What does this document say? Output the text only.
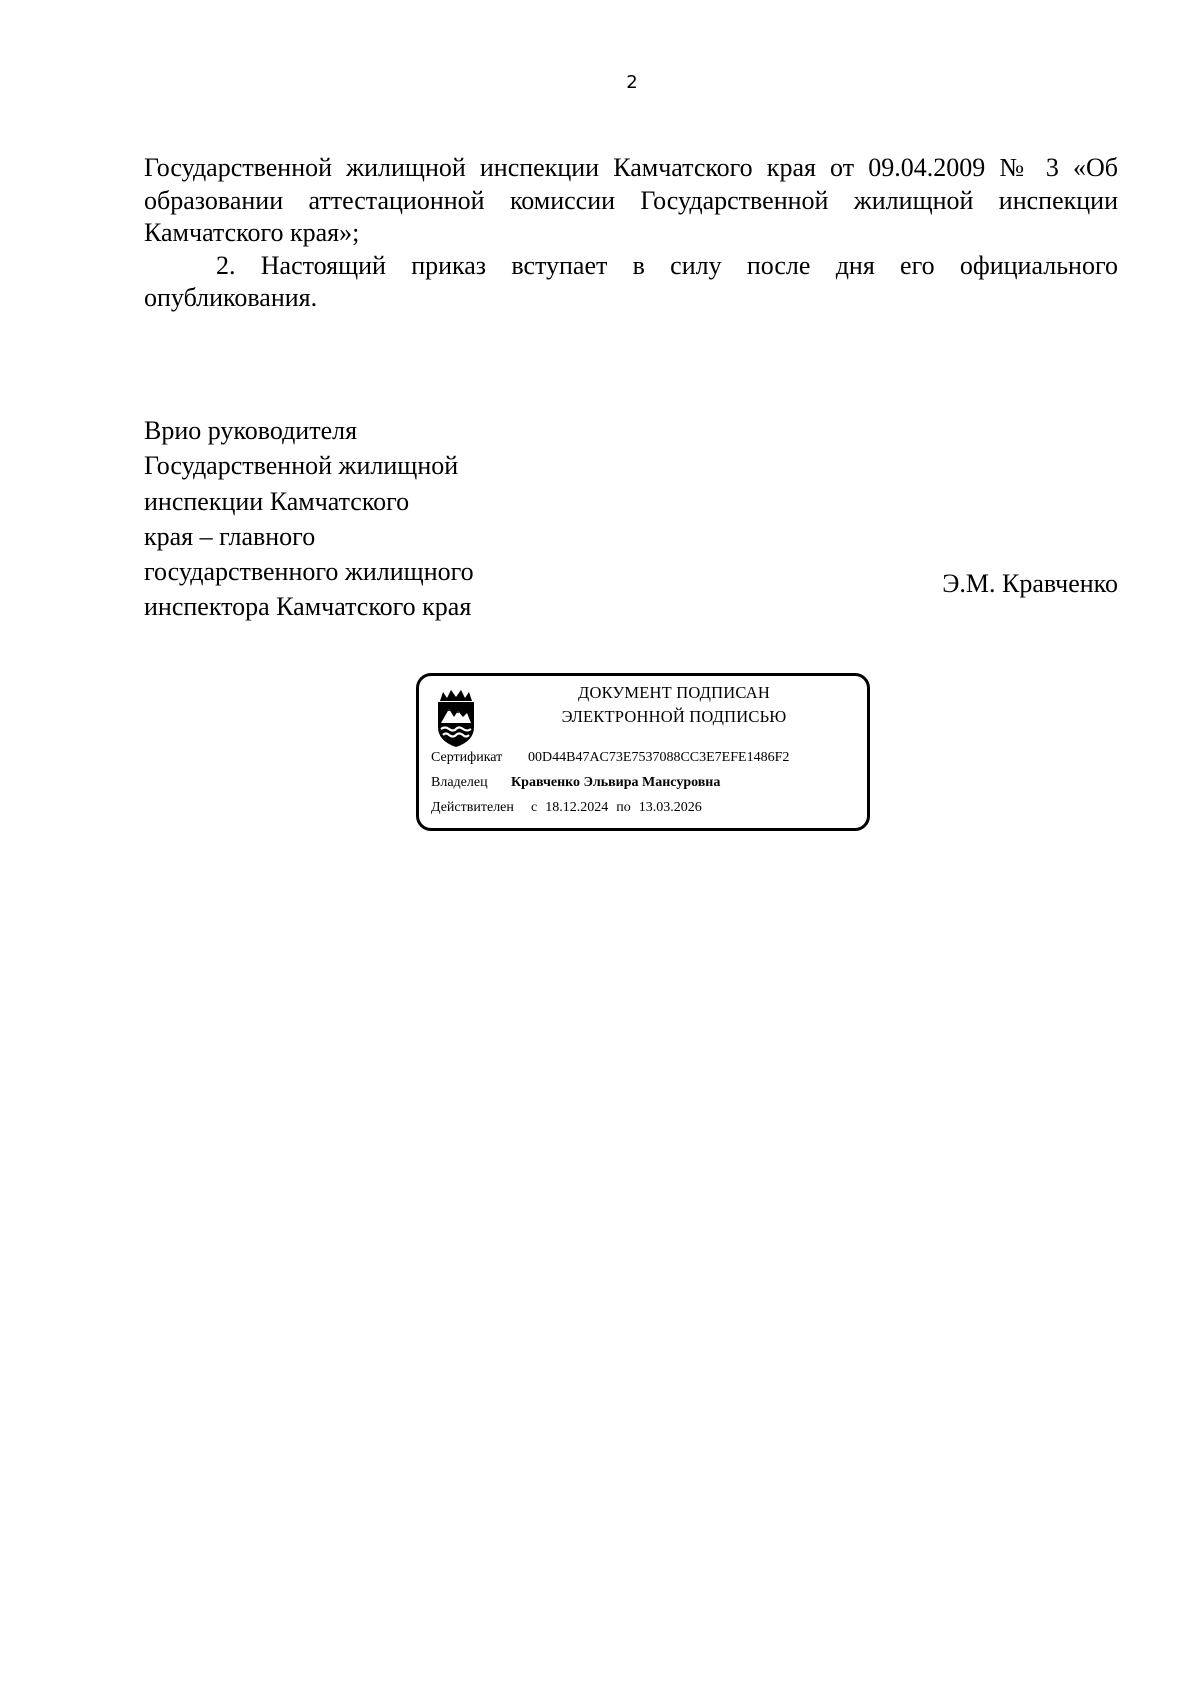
2

Государственной жилищной инспекции Камчатского края от 09.04.2009 № 3 «Об

образовании аттестационной комиссии Государственной жилищной инспекции

Камчатского края»;

2. Настоящий приказ вступает в силу после дня его официального опубликования.

Врио руководителя
Государственной жилищной
инспекции Камчатского
края – главного
государственного жилищного
инспектора Камчатского края
Э.М. Кравченко
ДОКУМЕНТ ПОДПИСАН
ЭЛЕКТРОННОЙ ПОДПИСЬЮ
Сертификат 00D44B47AC73E7537088CC3E7EFE1486F2
Владелец Кравченко Эльвира Мансуровна
Действителен с 18.12.2024 по 13.03.2026
